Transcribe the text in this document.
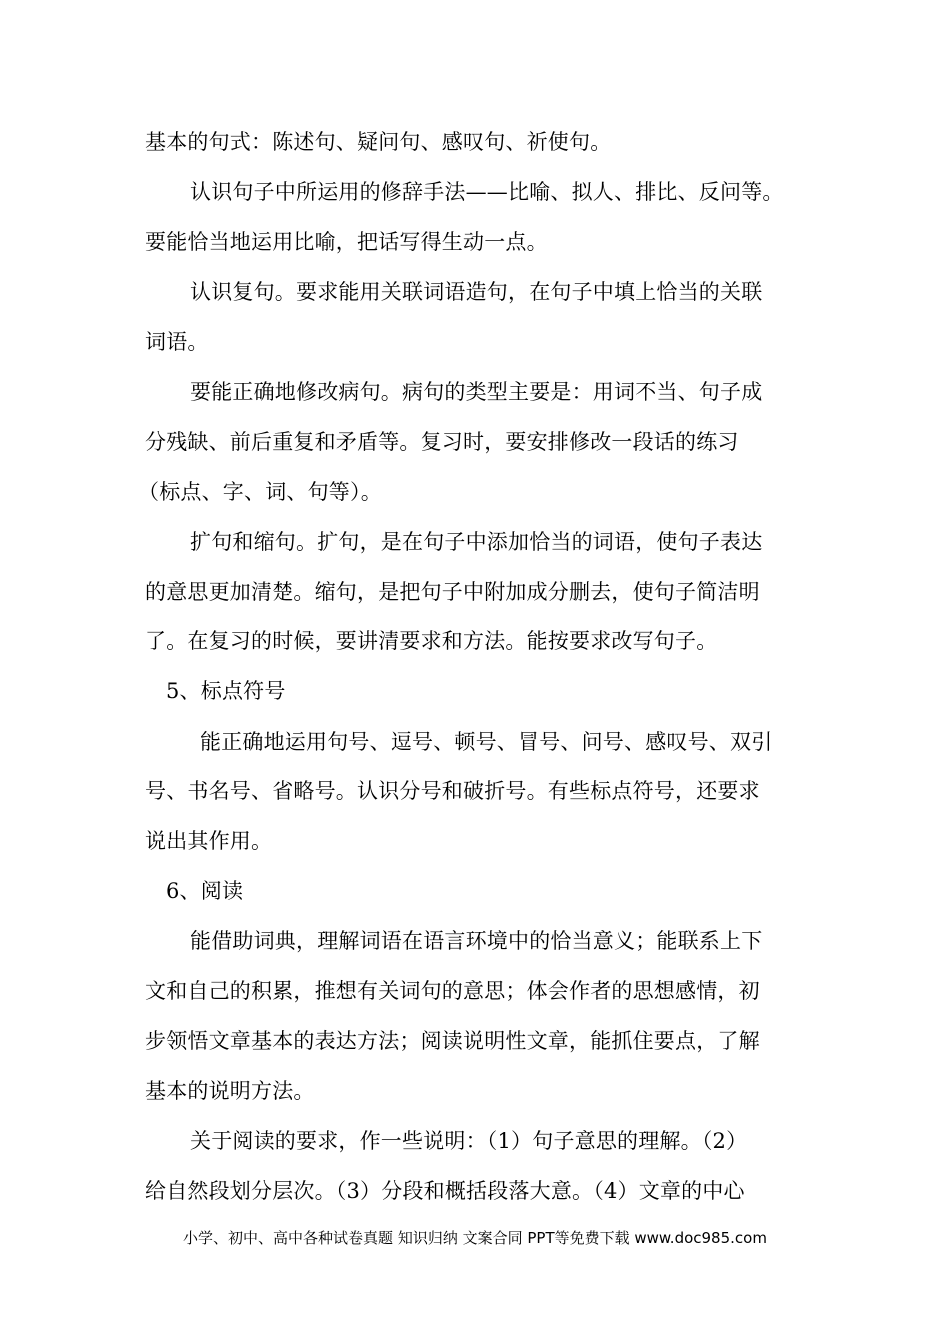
基本的句式：陈述句、疑问句、感叹句、祈使句。
认识句子中所运用的修辞手法——比喻、拟人、排比、反问等。
要能恰当地运用比喻，把话写得生动一点。
认识复句。要求能用关联词语造句，在句子中填上恰当的关联
词语。
要能正确地修改病句。病句的类型主要是：用词不当、句子成
分残缺、前后重复和矛盾等。复习时，要安排修改一段话的练习
（标点、字、词、句等）。
扩句和缩句。扩句，是在句子中添加恰当的词语，使句子表达
的意思更加清楚。缩句，是把句子中附加成分删去，使句子简洁明
了。在复习的时候，要讲清要求和方法。能按要求改写句子。
5、标点符号
能正确地运用句号、逗号、顿号、冒号、问号、感叹号、双引
号、书名号、省略号。认识分号和破折号。有些标点符号，还要求
说出其作用。
6、阅读
能借助词典，理解词语在语言环境中的恰当意义；能联系上下
文和自己的积累，推想有关词句的意思；体会作者的思想感情，初
步领悟文章基本的表达方法；阅读说明性文章，能抓住要点，了解
基本的说明方法。
关于阅读的要求，作一些说明：（1）句子意思的理解。（2）
给自然段划分层次。（3）分段和概括段落大意。（4）文章的中心
小学、初中、高中各种试卷真题 知识归纳 文案合同 PPT等免费下载 www.doc985.com
